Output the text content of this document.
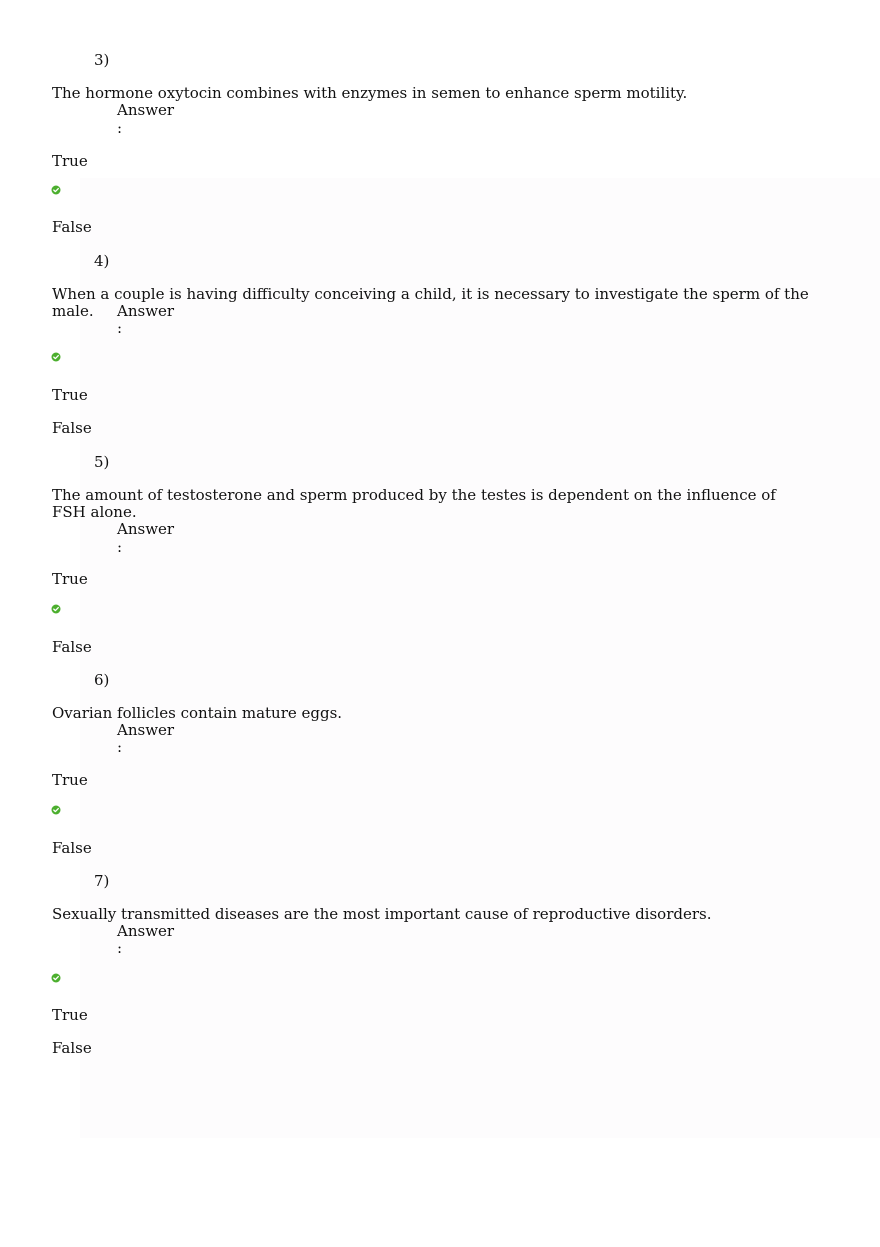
3)
The hormone oxytocin combines with enzymes in semen to enhance sperm motility.
Answer
:
True
False
4)
When a couple is having difficulty conceiving a child, it is necessary to investigate the sperm of the male.	Answer
:
True
False
5)
The amount of testosterone and sperm produced by the testes is dependent on the influence of FSH alone.
Answer
:
True
False
6)
Ovarian follicles contain mature eggs.
Answer
:
True
False
7)
Sexually transmitted diseases are the most important cause of reproductive disorders.
Answer
:
True
False
